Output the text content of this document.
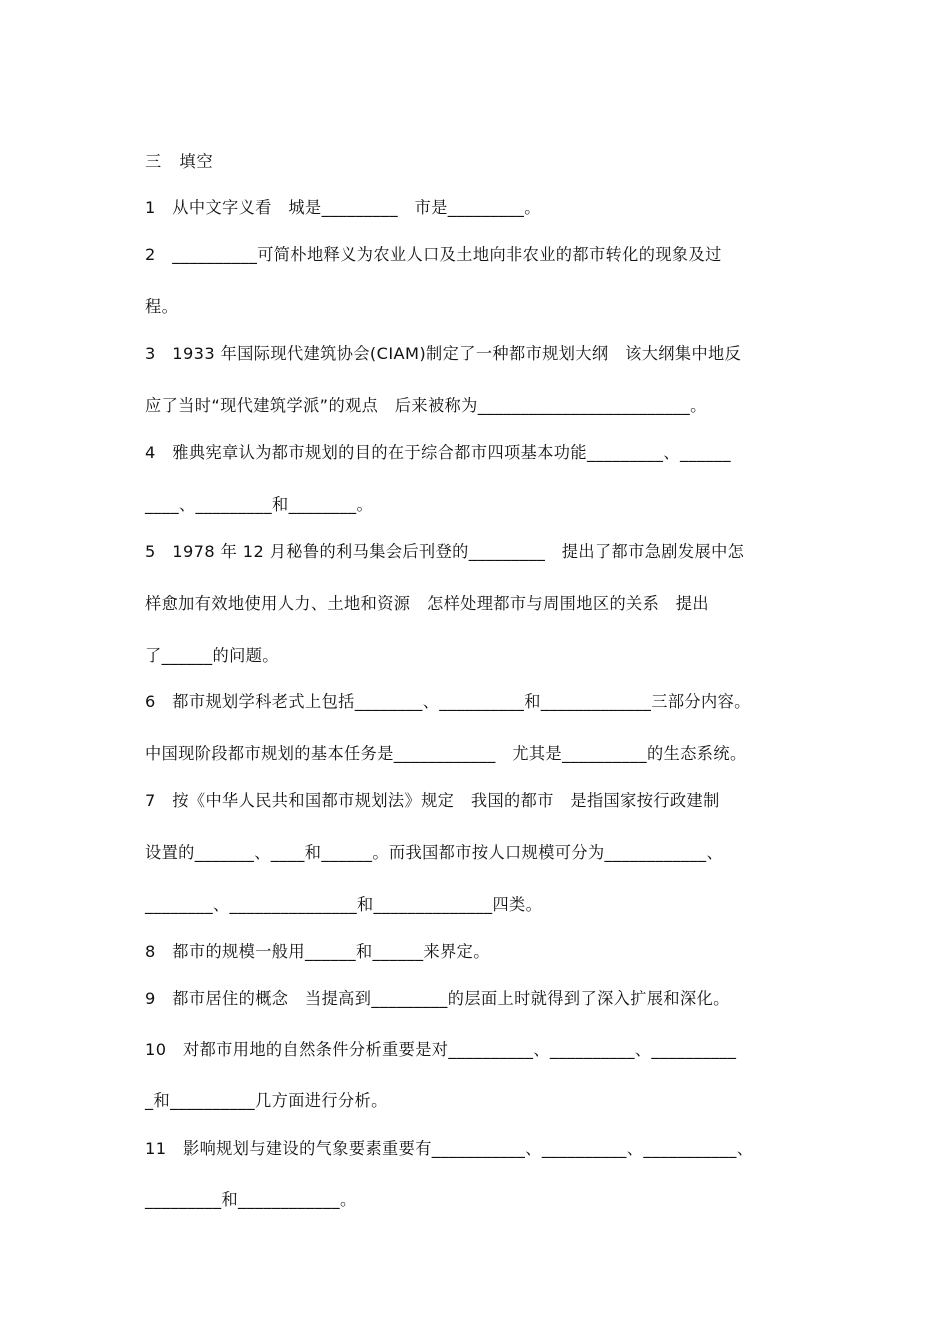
三　填空
1　从中文字义看　城是_________　市是_________。
2　__________可简朴地释义为农业人口及土地向非农业的都市转化的现象及过
程。
3　1933 年国际现代建筑协会(CIAM)制定了一种都市规划大纲　该大纲集中地反
应了当时“现代建筑学派”的观点　后来被称为_________________________。
4　雅典宪章认为都市规划的目的在于综合都市四项基本功能_________、______
____、_________和________。
5　1978 年 12 月秘鲁的利马集会后刊登的_________　提出了都市急剧发展中怎
样愈加有效地使用人力、土地和资源　怎样处理都市与周围地区的关系　提出
了______的问题。
6　都市规划学科老式上包括________、__________和_____________三部分内容。
中国现阶段都市规划的基本任务是____________　尤其是__________的生态系统。
7　按《中华人民共和国都市规划法》规定　我国的都市　是指国家按行政建制
设置的_______、____和______。而我国都市按人口规模可分为____________、
________、_______________和______________四类。
8　都市的规模一般用______和______来界定。
9　都市居住的概念　当提高到_________的层面上时就得到了深入扩展和深化。
10　对都市用地的自然条件分析重要是对__________、__________、__________
_和__________几方面进行分析。
11　影响规划与建设的气象要素重要有___________、__________、___________、
_________和____________。
